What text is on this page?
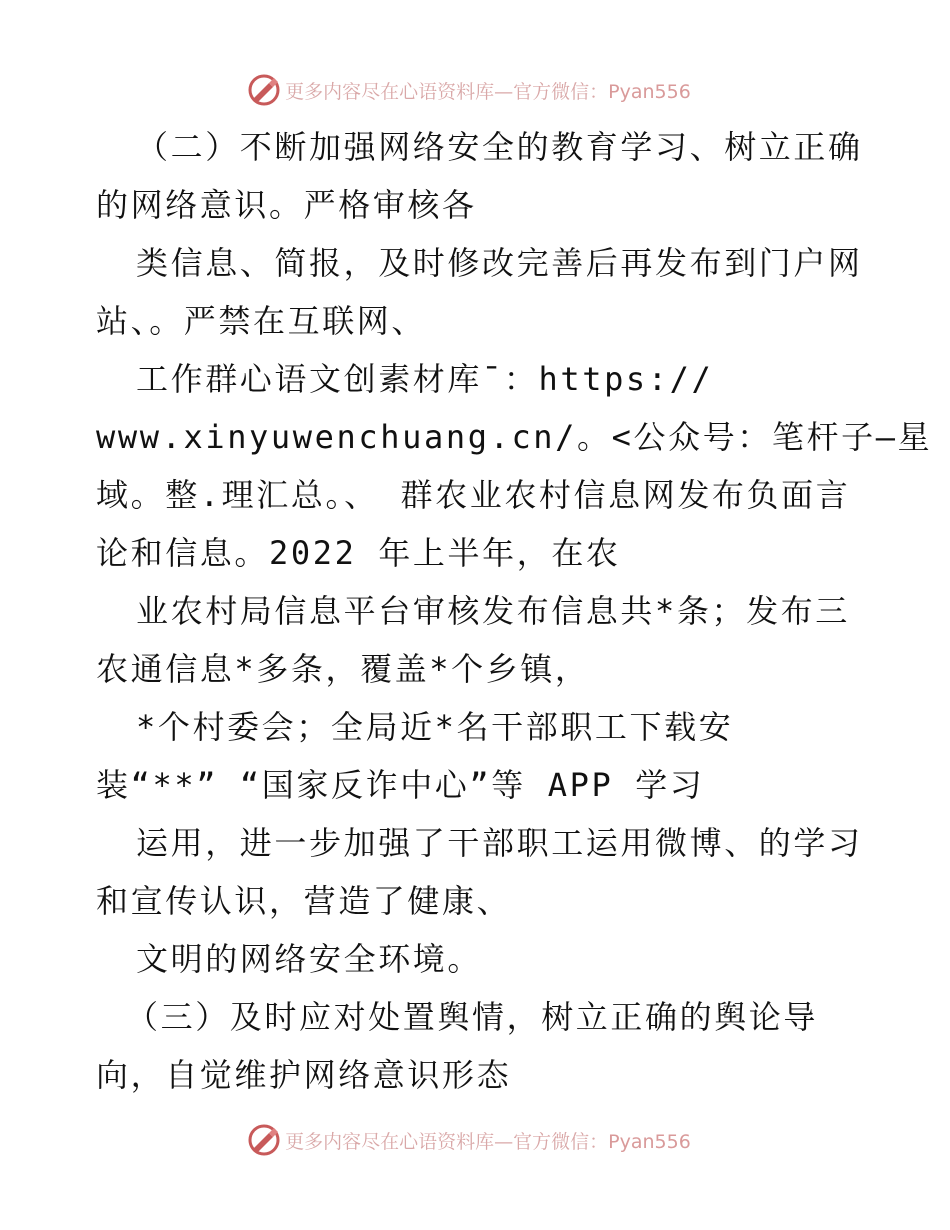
更多内容尽在心语资料库—官方微信：Pyan556
（二）不断加强网络安全的教育学习、树立正确
的网络意识。严格审核各
类信息、简报，及时修改完善后再发布到门户网
站、。严禁在互联网、
工作群心语文创素材库¯：https://
www.xinyuwenchuang.cn/。<公众号：笔杆子—星
域。整.理汇总。、 群农业农村信息网发布负面言
论和信息。2022 年上半年，在农
业农村局信息平台审核发布信息共*条；发布三
农通信息*多条，覆盖*个乡镇，
*个村委会；全局近*名干部职工下载安
装“**” “国家反诈中心”等 APP 学习
运用，进一步加强了干部职工运用微博、的学习
和宣传认识，营造了健康、
文明的网络安全环境。
（三）及时应对处置舆情，树立正确的舆论导
向，自觉维护网络意识形态
更多内容尽在心语资料库—官方微信：Pyan556
